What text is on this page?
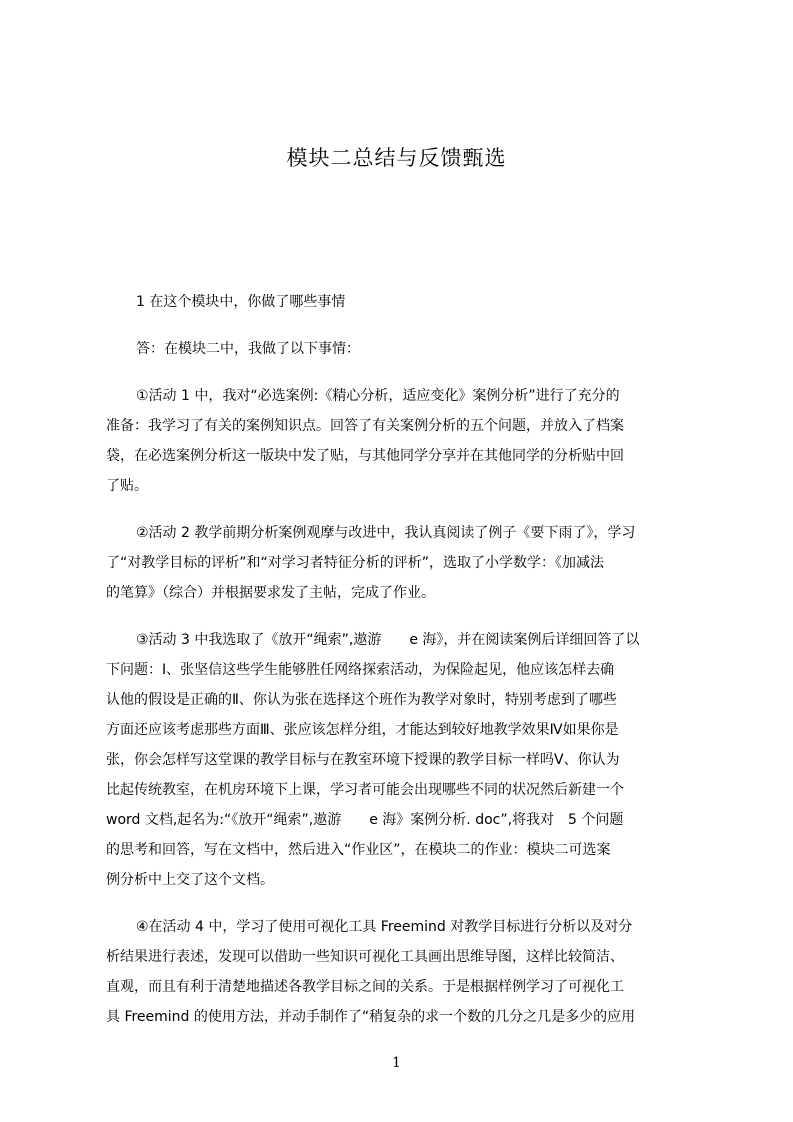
模块二总结与反馈甄选
1 在这个模块中，你做了哪些事情
答：在模块二中，我做了以下事情：
①活动 1 中，我对“必选案例:《精心分析，适应变化》案例分析”进行了充分的
准备：我学习了有关的案例知识点。回答了有关案例分析的五个问题，并放入了档案
袋，在必选案例分析这一版块中发了贴，与其他同学分享并在其他同学的分析贴中回
了贴。
②活动 2 教学前期分析案例观摩与改进中，我认真阅读了例子《要下雨了》，学习
了“对教学目标的评析”和“对学习者特征分析的评析”，选取了小学数学：《加减法
的笔算》（综合）并根据要求发了主帖，完成了作业。
③活动 3 中我选取了《放开“绳索”,遨游　　e 海》，并在阅读案例后详细回答了以
下问题：Ⅰ、张坚信这些学生能够胜任网络探索活动，为保险起见，他应该怎样去确
认他的假设是正确的Ⅱ、你认为张在选择这个班作为教学对象时，特别考虑到了哪些
方面还应该考虑那些方面Ⅲ、张应该怎样分组，才能达到较好地教学效果Ⅳ如果你是
张，你会怎样写这堂课的教学目标与在教室环境下授课的教学目标一样吗Ⅴ、你认为
比起传统教室，在机房环境下上课，学习者可能会出现哪些不同的状况然后新建一个
word 文档,起名为:“《放开“绳索”,遨游　　e 海》案例分析. doc”,将我对　5 个问题
的思考和回答，写在文档中，然后进入“作业区”，在模块二的作业：模块二可选案
例分析中上交了这个文档。
④在活动 4 中，学习了使用可视化工具 Freemind 对教学目标进行分析以及对分
析结果进行表述，发现可以借助一些知识可视化工具画出思维导图，这样比较简洁、
直观，而且有利于清楚地描述各教学目标之间的关系。于是根据样例学习了可视化工
具 Freemind 的使用方法，并动手制作了“稍复杂的求一个数的几分之几是多少的应用
1
